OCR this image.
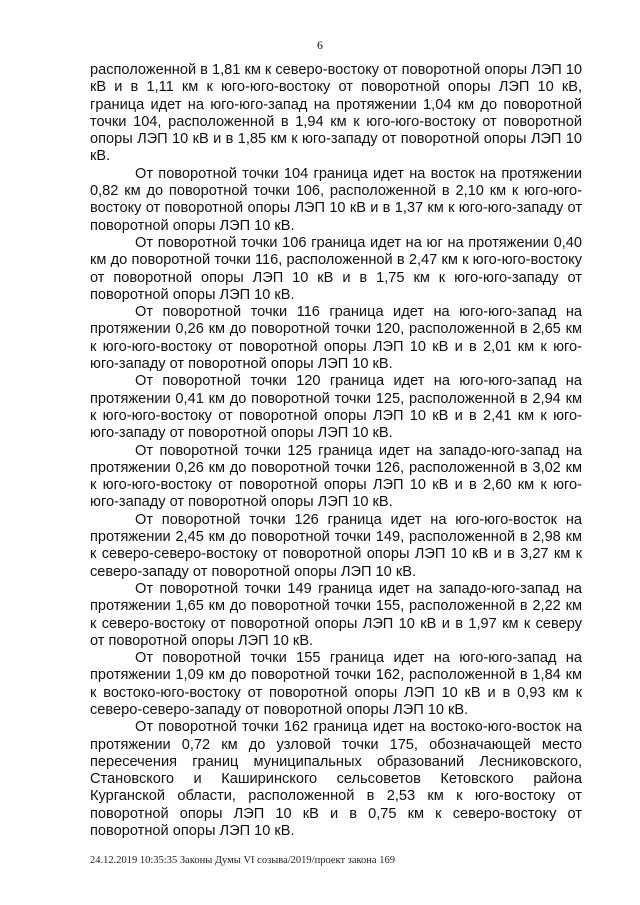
6

расположенной в 1,81 км к северо-востоку от поворотной опоры ЛЭП 10 кВ и в 1,11 км к юго-юго-востоку от поворотной опоры ЛЭП 10 кВ, граница идет на юго-юго-запад на протяжении 1,04 км до поворотной точки 104, расположенной в 1,94 км к юго-юго-востоку от поворотной опоры ЛЭП 10 кВ и в 1,85 км к юго-западу от поворотной опоры ЛЭП 10 кВ.

От поворотной точки 104 граница идет на восток на протяжении 0,82 км до поворотной точки 106, расположенной в 2,10 км к юго-юго-востоку от поворотной опоры ЛЭП 10 кВ и в 1,37 км к юго-юго-западу от поворотной опоры ЛЭП 10 кВ.

От поворотной точки 106 граница идет на юг на протяжении 0,40 км до поворотной точки 116, расположенной в 2,47 км к юго-юго-востоку от поворотной опоры ЛЭП 10 кВ и в 1,75 км к юго-юго-западу от поворотной опоры ЛЭП 10 кВ.

От поворотной точки 116 граница идет на юго-юго-запад на протяжении 0,26 км до поворотной точки 120, расположенной в 2,65 км к юго-юго-востоку от поворотной опоры ЛЭП 10 кВ и в 2,01 км к юго-юго-западу от поворотной опоры ЛЭП 10 кВ.

От поворотной точки 120 граница идет на юго-юго-запад на протяжении 0,41 км до поворотной точки 125, расположенной в 2,94 км к юго-юго-востоку от поворотной опоры ЛЭП 10 кВ и в 2,41 км к юго-юго-западу от поворотной опоры ЛЭП 10 кВ.

От поворотной точки 125 граница идет на западо-юго-запад на протяжении 0,26 км до поворотной точки 126, расположенной в 3,02 км к юго-юго-востоку от поворотной опоры ЛЭП 10 кВ и в 2,60 км к юго-юго-западу от поворотной опоры ЛЭП 10 кВ.

От поворотной точки 126 граница идет на юго-юго-восток на протяжении 2,45 км до поворотной точки 149, расположенной в 2,98 км к северо-северо-востоку от поворотной опоры ЛЭП 10 кВ и в 3,27 км к северо-западу от поворотной опоры ЛЭП 10 кВ.

От поворотной точки 149 граница идет на западо-юго-запад на протяжении 1,65 км до поворотной точки 155, расположенной в 2,22 км к северо-востоку от поворотной опоры ЛЭП 10 кВ и в 1,97 км к северу от поворотной опоры ЛЭП 10 кВ.

От поворотной точки 155 граница идет на юго-юго-запад на протяжении 1,09 км до поворотной точки 162, расположенной в 1,84 км к востоко-юго-востоку от поворотной опоры ЛЭП 10 кВ и в 0,93 км к северо-северо-западу от поворотной опоры ЛЭП 10 кВ.

От поворотной точки 162 граница идет на востоко-юго-восток на протяжении 0,72 км до узловой точки 175, обозначающей место пересечения границ муниципальных образований Лесниковского, Становского и Каширинского сельсоветов Кетовского района Курганской области, расположенной в 2,53 км к юго-востоку от поворотной опоры ЛЭП 10 кВ и в 0,75 км к северо-востоку от поворотной опоры ЛЭП 10 кВ.

24.12.2019 10:35:35 Законы Думы VI созыва/2019/проект закона 169
